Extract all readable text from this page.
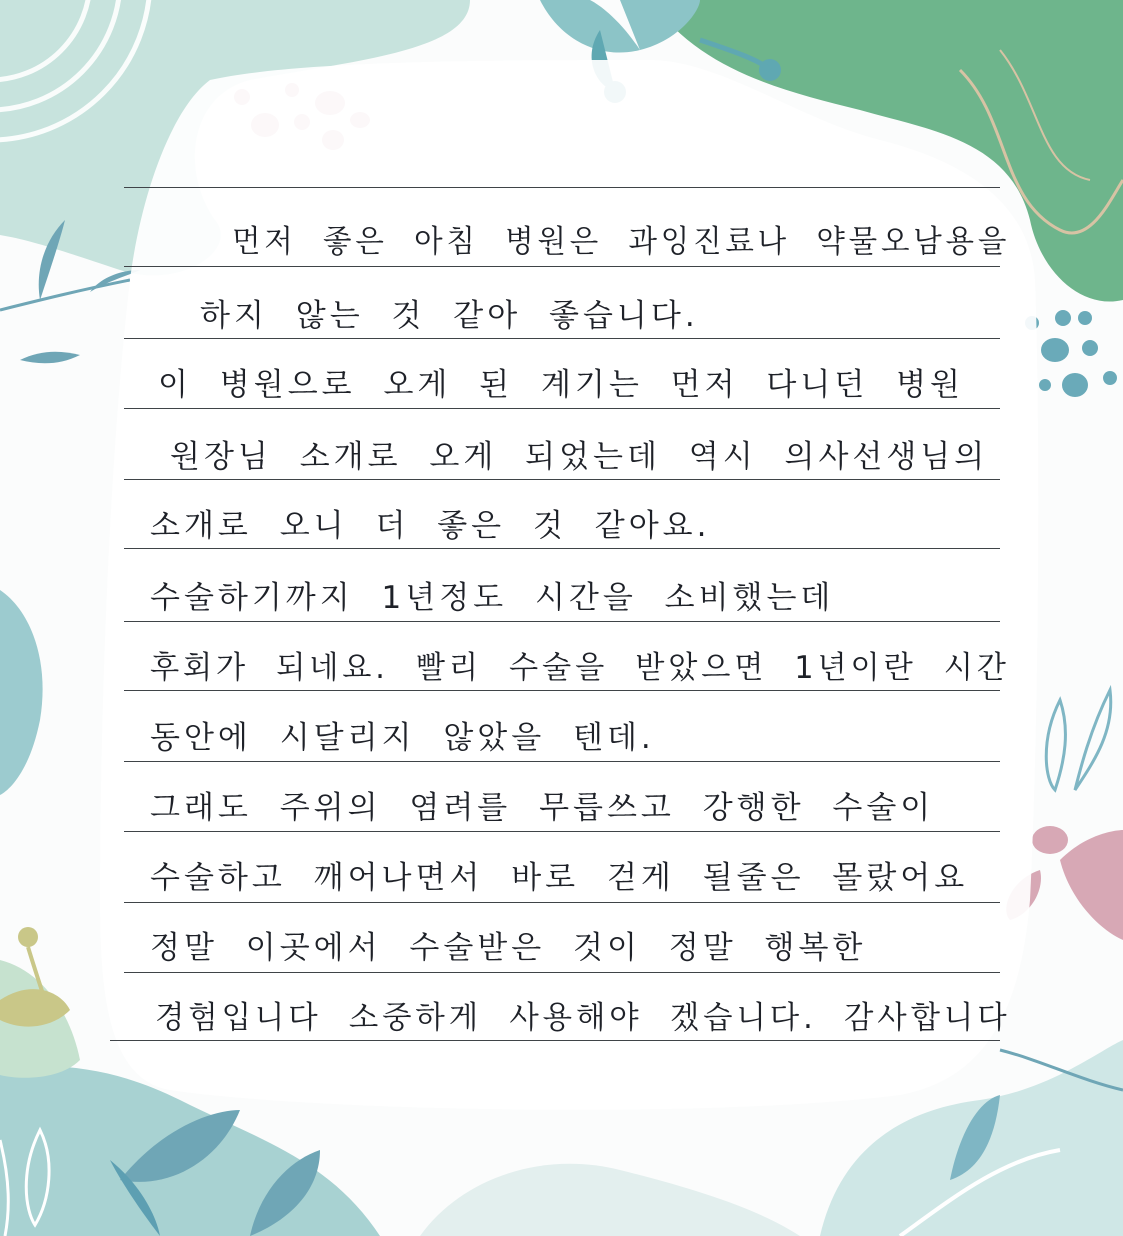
먼저 좋은 아침 병원은 과잉진료나 약물오남용을

하지 않는 것 같아 좋습니다.

이 병원으로 오게 된 계기는 먼저 다니던 병원

원장님 소개로 오게 되었는데 역시 의사선생님의

소개로 오니 더 좋은 것 같아요.

수술하기까지 1년정도 시간을 소비했는데

후회가 되네요. 빨리 수술을 받았으면 1년이란 시간

동안에 시달리지 않았을 텐데.

그래도 주위의 염려를 무릅쓰고 강행한 수술이

수술하고 깨어나면서 바로 걷게 될줄은 몰랐어요

정말 이곳에서 수술받은 것이 정말 행복한

경험입니다 소중하게 사용해야 겠습니다. 감사합니다
